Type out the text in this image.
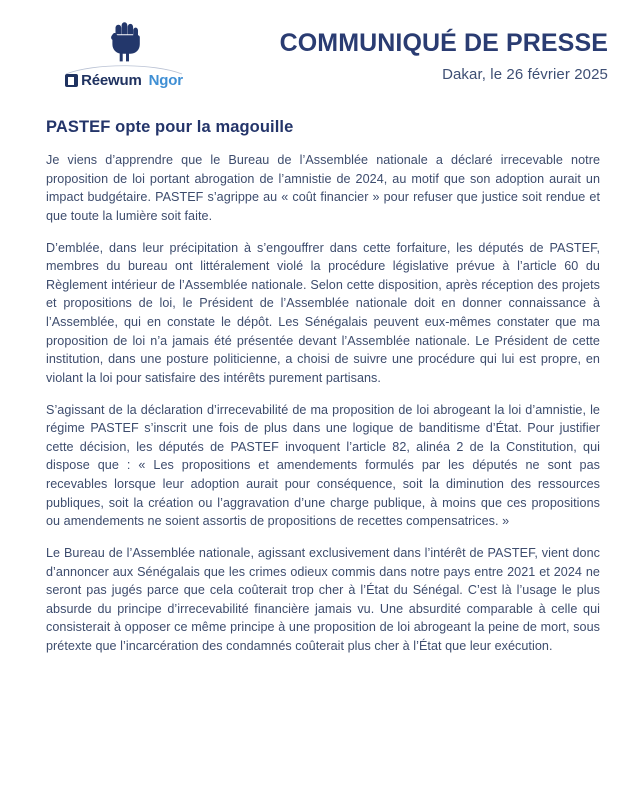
Réewum Ngor
COMMUNIQUÉ DE PRESSE
Dakar, le 26 février 2025
PASTEF opte pour la magouille

Je viens d’apprendre que le Bureau de l’Assemblée nationale a déclaré irrecevable notre proposition de loi portant abrogation de l’amnistie de 2024, au motif que son adoption aurait un impact budgétaire. PASTEF s’agrippe au « coût financier » pour refuser que justice soit rendue et que toute la lumière soit faite.

D’emblée, dans leur précipitation à s’engouffrer dans cette forfaiture, les députés de PASTEF, membres du bureau ont littéralement violé la procédure législative prévue à l’article 60 du Règlement intérieur de l’Assemblée nationale. Selon cette disposition, après réception des projets et propositions de loi, le Président de l’Assemblée nationale doit en donner connaissance à l’Assemblée, qui en constate le dépôt. Les Sénégalais peuvent eux-mêmes constater que ma proposition de loi n’a jamais été présentée devant l’Assemblée nationale. Le Président de cette institution, dans une posture politicienne, a choisi de suivre une procédure qui lui est propre, en violant la loi pour satisfaire des intérêts purement partisans.

S’agissant de la déclaration d’irrecevabilité de ma proposition de loi abrogeant la loi d’amnistie, le régime PASTEF s’inscrit une fois de plus dans une logique de banditisme d’État. Pour justifier cette décision, les députés de PASTEF invoquent l’article 82, alinéa 2 de la Constitution, qui dispose que : « Les propositions et amendements formulés par les députés ne sont pas recevables lorsque leur adoption aurait pour conséquence, soit la diminution des ressources publiques, soit la création ou l’aggravation d’une charge publique, à moins que ces propositions ou amendements ne soient assortis de propositions de recettes compensatrices. »

Le Bureau de l’Assemblée nationale, agissant exclusivement dans l’intérêt de PASTEF, vient donc d’annoncer aux Sénégalais que les crimes odieux commis dans notre pays entre 2021 et 2024 ne seront pas jugés parce que cela coûterait trop cher à l’État du Sénégal. C’est là l’usage le plus absurde du principe d’irrecevabilité financière jamais vu. Une absurdité comparable à celle qui consisterait à opposer ce même principe à une proposition de loi abrogeant la peine de mort, sous prétexte que l’incarcération des condamnés coûterait plus cher à l’État que leur exécution.
